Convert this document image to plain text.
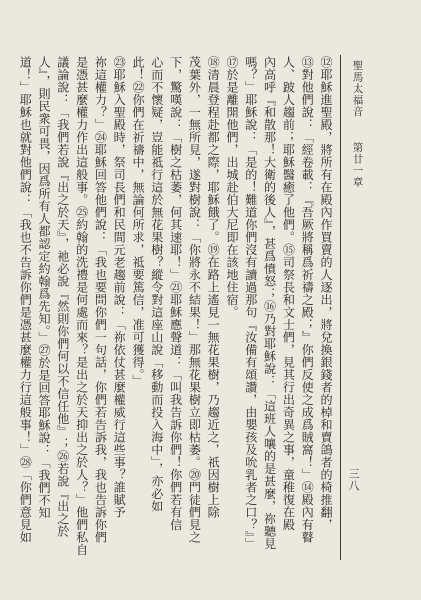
聖馬太福音
第廿一章
三八
⑫耶穌進聖殿，將所有在殿內作買賣的人逐出，將兌換銀錢者的棹和賣鴿者的椅推翻，
⑬對他們說：「經卷載：『吾厥將稱爲祈禱之殿；』你們反使之成爲賊窩！」⑭殿內有瞽
人、跛人趨前；耶穌醫癒了他們。⑮司祭長和文士們，見其行出奇異之事，童稚復在殿
內高呼『和散那！大衛的後人』，甚爲憤怒；⑯乃對耶穌說：「這班人嚷的是甚麼，祢聽見
嗎？」耶穌說：「是的！難道你們沒有讀過那句『汝備有頌讚，由嬰孩及吮乳者之口？』」
⑰於是離開他們，出城赴伯大尼即在該地住宿。
⑱清晨登程赴都之際，耶穌餓了。⑲在路上遙見一無花果樹，乃趨近之，祇因樹上除
茂葉外，一無所見，遂對樹說：「你將永不結果！」那無花果樹立即枯萎。⑳門徒們見之
下，驚嘆說：「樹之枯萎，何其速耶！」㉑耶穌應聲道：「叫我告訴你們！你們若有信
心而不懷疑，豈能祗行這於無花果樹？縱令對這座山說「移動而投入海中」，亦必如
此！㉒你們在祈禱中，無論何所求，祗要篤信，准可獲得。」
㉓耶穌入聖殿時，祭司長們和民間元老趨前說：「祢依仗甚麼權威行這些事？誰賦予
祢這權力？」㉔耶穌回答他們說：「我也要問你們一句話，你們若告訴我，我也告訴你們
是憑甚麼權力作出這般事。㉕約翰的洗禮是何處而來？是出之於天抑出之於人？」他們私自
議論說：「我們若說『出之於天』，祂必說『然則你們何以不信任他』；㉖若說『出之於
人』，則民衆可畏，因爲所有人都認定約翰爲先知。」㉗於是回答耶穌說：「我們不知
道！」耶穌也就對他們說：「我也不告訴你們是憑甚麼權力行這般事！」㉘「你們意見如
